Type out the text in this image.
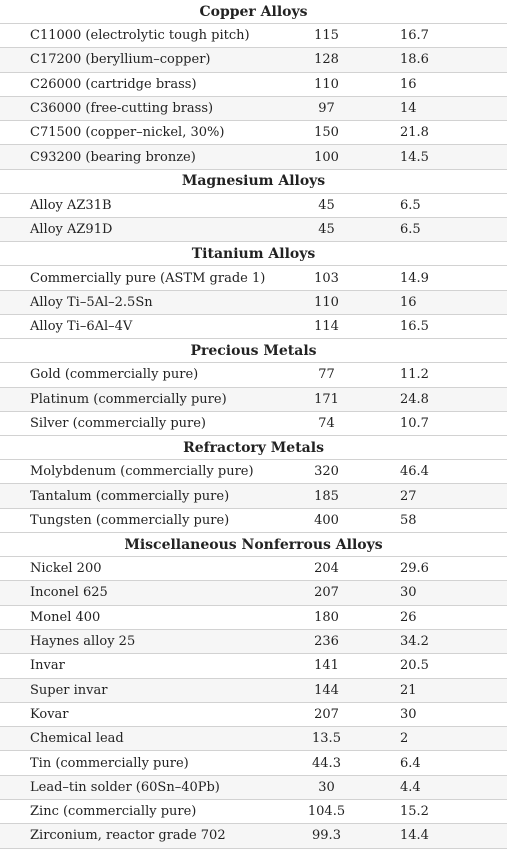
Copper Alloys		
C11000 (electrolytic tough pitch)	115	16.7
C17200 (beryllium–copper)	128	18.6
C26000 (cartridge brass)	110	16
C36000 (free-cutting brass)	97	14
C71500 (copper–nickel, 30%)	150	21.8
C93200 (bearing bronze)	100	14.5
Magnesium Alloys		
Alloy AZ31B	45	6.5
Alloy AZ91D	45	6.5
Titanium Alloys		
Commercially pure (ASTM grade 1)	103	14.9
Alloy Ti–5Al–2.5Sn	110	16
Alloy Ti–6Al–4V	114	16.5
Precious Metals		
Gold (commercially pure)	77	11.2
Platinum (commercially pure)	171	24.8
Silver (commercially pure)	74	10.7
Refractory Metals		
Molybdenum (commercially pure)	320	46.4
Tantalum (commercially pure)	185	27
Tungsten (commercially pure)	400	58
Miscellaneous Nonferrous Alloys		
Nickel 200	204	29.6
Inconel 625	207	30
Monel 400	180	26
Haynes alloy 25	236	34.2
Invar	141	20.5
Super invar	144	21
Kovar	207	30
Chemical lead	13.5	2
Tin (commercially pure)	44.3	6.4
Lead–tin solder (60Sn–40Pb)	30	4.4
Zinc (commercially pure)	104.5	15.2
Zirconium, reactor grade 702	99.3	14.4
